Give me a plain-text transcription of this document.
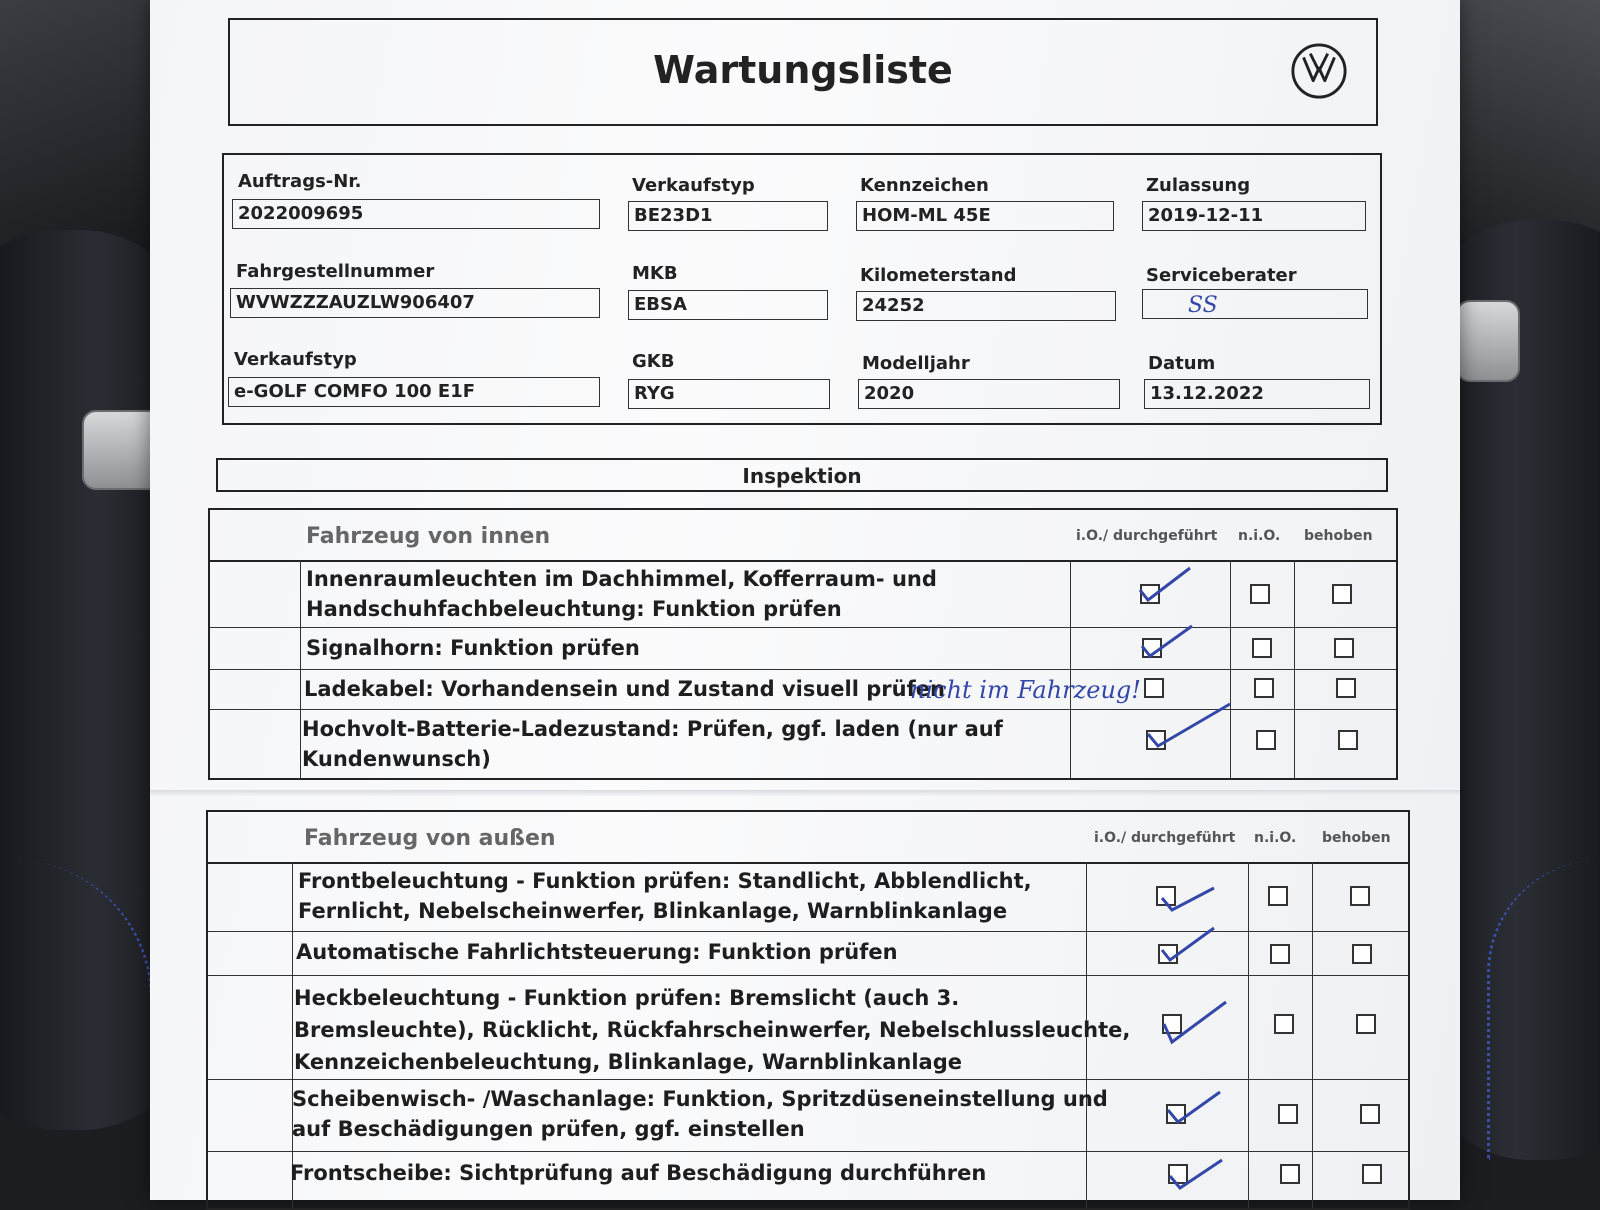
Wartungsliste
Auftrags-Nr.
2022009695
Verkaufstyp
BE23D1
Kennzeichen
HOM-ML 45E
Zulassung
2019-12-11
Fahrgestellnummer
WVWZZZAUZLW906407
MKB
EBSA
Kilometerstand
24252
Serviceberater
SS
Verkaufstyp
e-GOLF COMFO 100 E1F
GKB
RYG
Modelljahr
2020
Datum
13.12.2022
Inspektion
Fahrzeug von innen	i.O./ durchgeführt n.i.O. behoben
Innenraumleuchten im Dachhimmel, Kofferraum- und
Handschuhfachbeleuchtung: Funktion prüfen
Signalhorn: Funktion prüfen
Ladekabel: Vorhandensein und Zustand visuell prüfen
nicht im Fahrzeug!
Hochvolt-Batterie-Ladezustand: Prüfen, ggf. laden (nur auf
Kundenwunsch)
Fahrzeug von außen	i.O./ durchgeführt n.i.O. behoben
Frontbeleuchtung - Funktion prüfen: Standlicht, Abblendlicht,
Fernlicht, Nebelscheinwerfer, Blinkanlage, Warnblinkanlage
Automatische Fahrlichtsteuerung: Funktion prüfen
Heckbeleuchtung - Funktion prüfen: Bremslicht (auch 3.
Bremsleuchte), Rücklicht, Rückfahrscheinwerfer, Nebelschlussleuchte,
Kennzeichenbeleuchtung, Blinkanlage, Warnblinkanlage
Scheibenwisch- /Waschanlage: Funktion, Spritzdüseneinstellung und
auf Beschädigungen prüfen, ggf. einstellen
Frontscheibe: Sichtprüfung auf Beschädigung durchführen
